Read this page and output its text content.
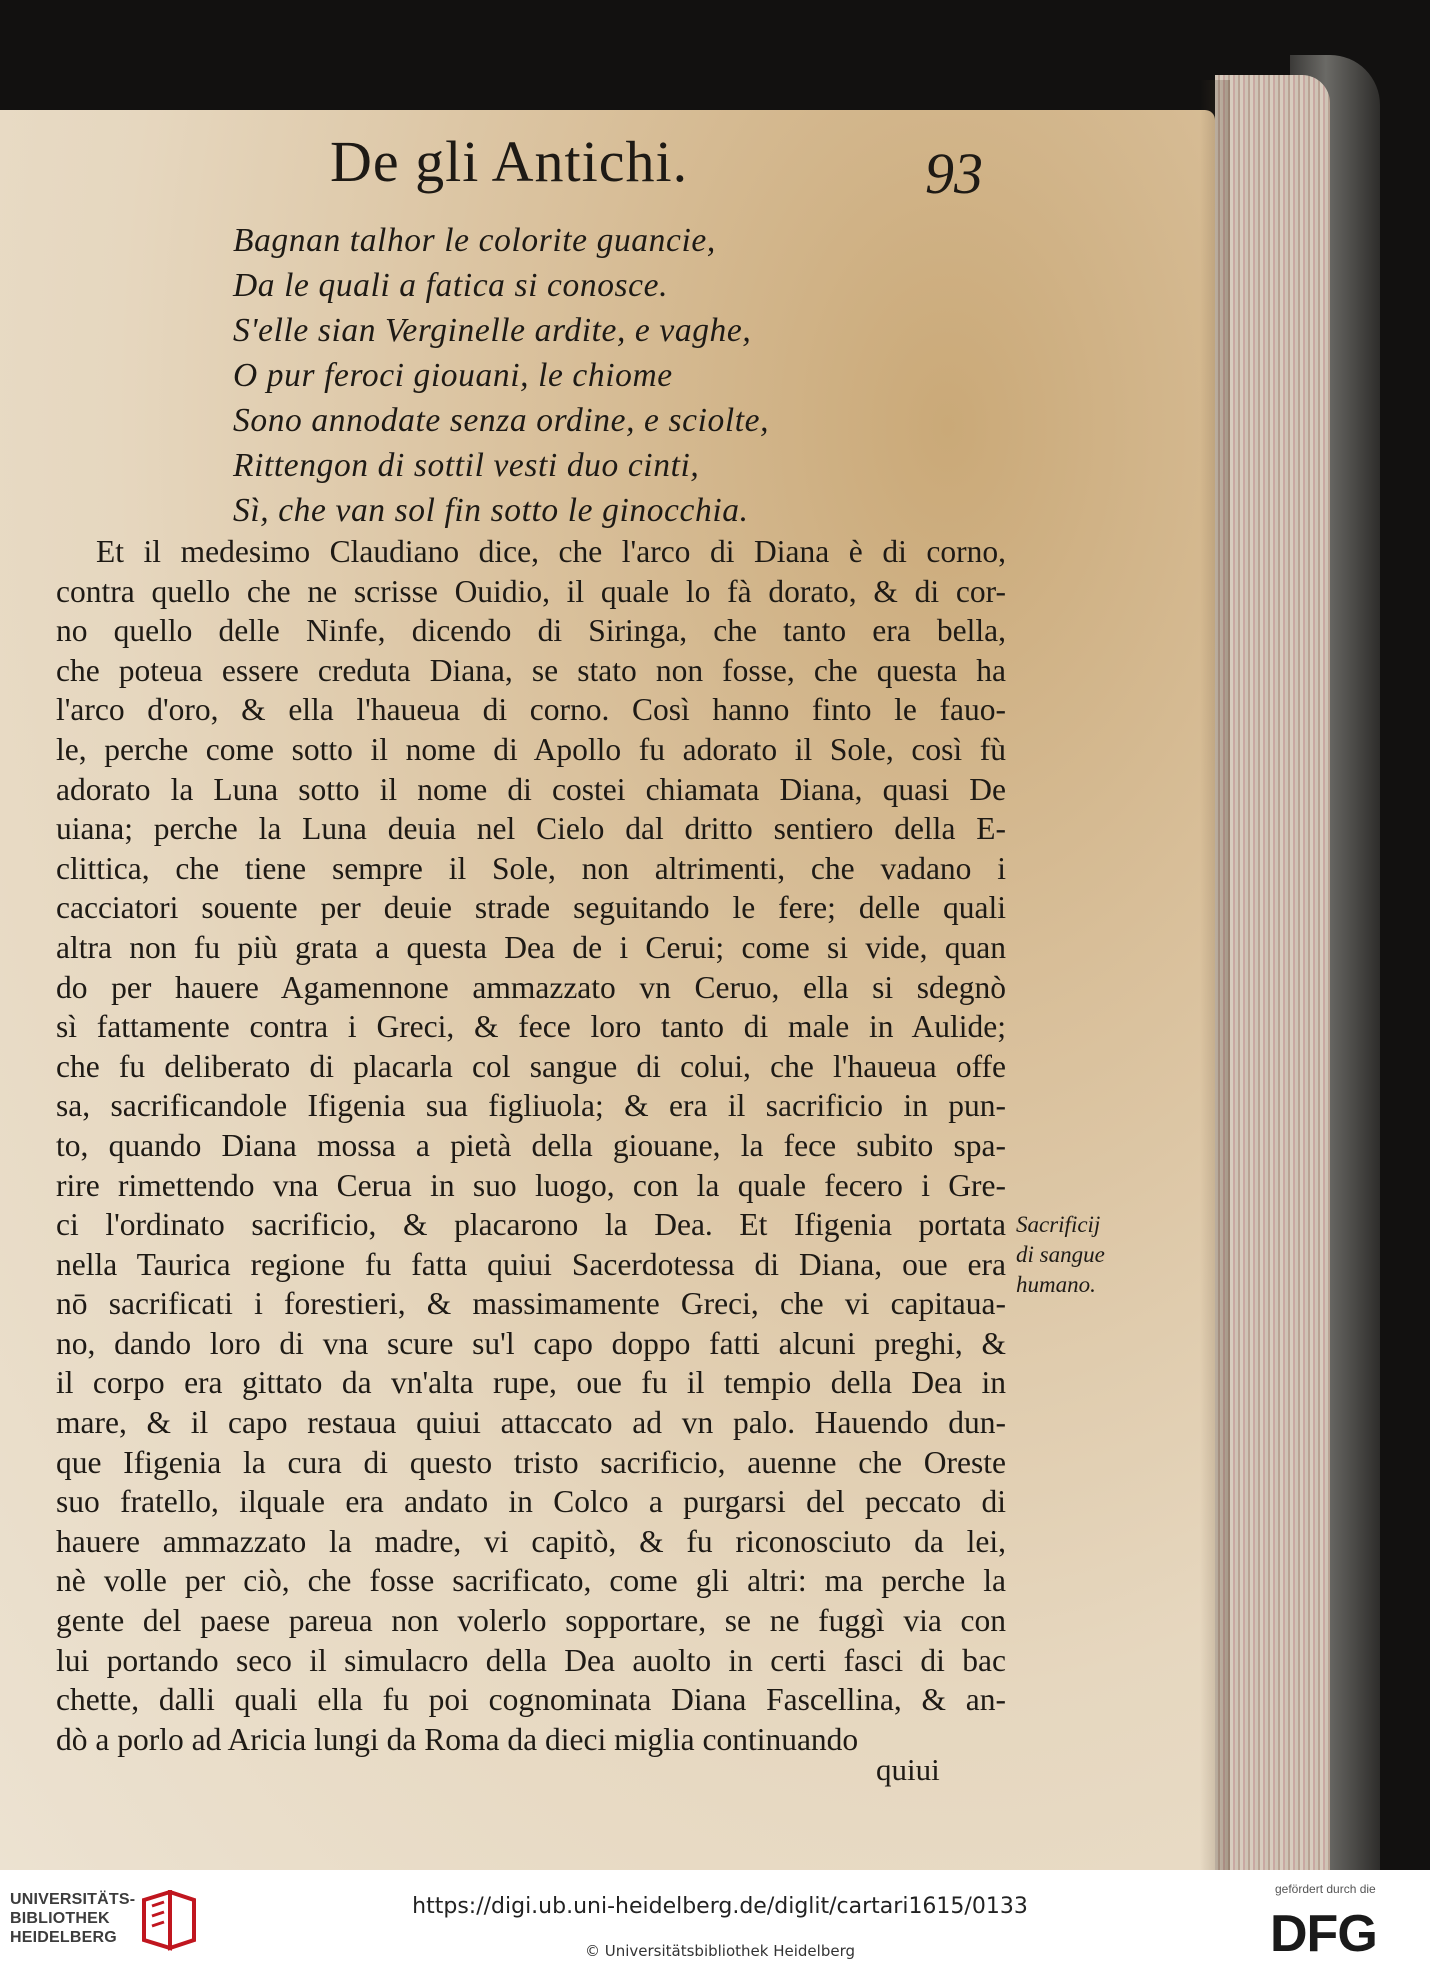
De gli Antichi.	93
Bagnan talhor le colorite guancie,
Da le quali a fatica si conosce.
S'elle sian Verginelle ardite, e vaghe,
O pur feroci giouani, le chiome
Sono annodate senza ordine, e sciolte,
Rittengon di sottil vesti duo cinti,
Sì, che van sol fin sotto le ginocchia.
Et il medesimo Claudiano dice, che l'arco di Diana è di corno,
contra quello che ne scrisse Ouidio, il quale lo fà dorato, & di cor-
no quello delle Ninfe, dicendo di Siringa, che tanto era bella,
che poteua essere creduta Diana, se stato non fosse, che questa ha
l'arco d'oro, & ella l'haueua di corno. Così hanno finto le fauo-
le, perche come sotto il nome di Apollo fu adorato il Sole, così fù
adorato la Luna sotto il nome di costei chiamata Diana, quasi De
uiana; perche la Luna deuia nel Cielo dal dritto sentiero della E-
clittica, che tiene sempre il Sole, non altrimenti, che vadano i
cacciatori souente per deuie strade seguitando le fere; delle quali
altra non fu più grata a questa Dea de i Cerui; come si vide, quan
do per hauere Agamennone ammazzato vn Ceruo, ella si sdegnò
sì fattamente contra i Greci, & fece loro tanto di male in Aulide;
che fu deliberato di placarla col sangue di colui, che l'haueua offe
sa, sacrificandole Ifigenia sua figliuola; & era il sacrificio in pun-
to, quando Diana mossa a pietà della giouane, la fece subito spa-
rire rimettendo vna Cerua in suo luogo, con la quale fecero i Gre-
ci l'ordinato sacrificio, & placarono la Dea. Et Ifigenia portata
nella Taurica regione fu fatta quiui Sacerdotessa di Diana, oue era
nō sacrificati i forestieri, & massimamente Greci, che vi capitaua-
no, dando loro di vna scure su'l capo doppo fatti alcuni preghi, &
il corpo era gittato da vn'alta rupe, oue fu il tempio della Dea in
mare, & il capo restaua quiui attaccato ad vn palo. Hauendo dun-
que Ifigenia la cura di questo tristo sacrificio, auenne che Oreste
suo fratello, ilquale era andato in Colco a purgarsi del peccato di
hauere ammazzato la madre, vi capitò, & fu riconosciuto da lei,
nè volle per ciò, che fosse sacrificato, come gli altri: ma perche la
gente del paese pareua non volerlo sopportare, se ne fuggì via con
lui portando seco il simulacro della Dea auolto in certi fasci di bac
chette, dalli quali ella fu poi cognominata Diana Fascellina, & an-
dò a porlo ad Aricia lungi da Roma da dieci miglia continuando
quiui
Sacrificij
di sangue
humano.
UNIVERSITÄTS-
BIBLIOTHEK
HEIDELBERG
https://digi.ub.uni-heidelberg.de/diglit/cartari1615/0133
© Universitätsbibliothek Heidelberg
gefördert durch die
DFG
